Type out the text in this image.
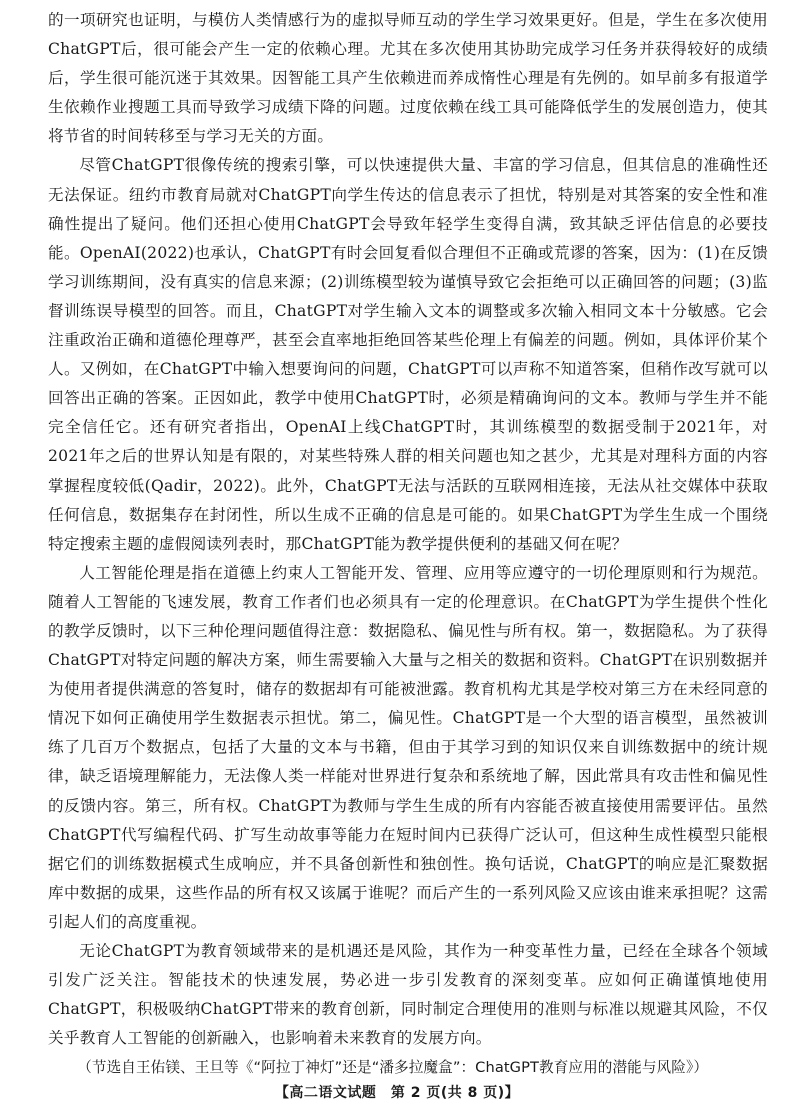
的一项研究也证明，与模仿人类情感行为的虚拟导师互动的学生学习效果更好。但是，学生在多次使用ChatGPT后，很可能会产生一定的依赖心理。尤其在多次使用其协助完成学习任务并获得较好的成绩后，学生很可能沉迷于其效果。因智能工具产生依赖进而养成惰性心理是有先例的。如早前多有报道学生依赖作业搜题工具而导致学习成绩下降的问题。过度依赖在线工具可能降低学生的发展创造力，使其将节省的时间转移至与学习无关的方面。

尽管ChatGPT很像传统的搜索引擎，可以快速提供大量、丰富的学习信息，但其信息的准确性还无法保证。纽约市教育局就对ChatGPT向学生传达的信息表示了担忧，特别是对其答案的安全性和准确性提出了疑问。他们还担心使用ChatGPT会导致年轻学生变得自满，致其缺乏评估信息的必要技能。OpenAI(2022)也承认，ChatGPT有时会回复看似合理但不正确或荒谬的答案，因为：(1)在反馈学习训练期间，没有真实的信息来源；(2)训练模型较为谨慎导致它会拒绝可以正确回答的问题；(3)监督训练误导模型的回答。而且，ChatGPT对学生输入文本的调整或多次输入相同文本十分敏感。它会注重政治正确和道德伦理尊严，甚至会直率地拒绝回答某些伦理上有偏差的问题。例如，具体评价某个人。又例如，在ChatGPT中输入想要询问的问题，ChatGPT可以声称不知道答案，但稍作改写就可以回答出正确的答案。正因如此，教学中使用ChatGPT时，必须是精确询问的文本。教师与学生并不能完全信任它。还有研究者指出，OpenAI上线ChatGPT时，其训练模型的数据受制于2021年，对2021年之后的世界认知是有限的，对某些特殊人群的相关问题也知之甚少，尤其是对理科方面的内容掌握程度较低(Qadir，2022)。此外，ChatGPT无法与活跃的互联网相连接，无法从社交媒体中获取任何信息，数据集存在封闭性，所以生成不正确的信息是可能的。如果ChatGPT为学生生成一个围绕特定搜索主题的虚假阅读列表时，那ChatGPT能为教学提供便利的基础又何在呢？

人工智能伦理是指在道德上约束人工智能开发、管理、应用等应遵守的一切伦理原则和行为规范。随着人工智能的飞速发展，教育工作者们也必须具有一定的伦理意识。在ChatGPT为学生提供个性化的教学反馈时，以下三种伦理问题值得注意：数据隐私、偏见性与所有权。第一，数据隐私。为了获得ChatGPT对特定问题的解决方案，师生需要输入大量与之相关的数据和资料。ChatGPT在识别数据并为使用者提供满意的答复时，储存的数据却有可能被泄露。教育机构尤其是学校对第三方在未经同意的情况下如何正确使用学生数据表示担忧。第二，偏见性。ChatGPT是一个大型的语言模型，虽然被训练了几百万个数据点，包括了大量的文本与书籍，但由于其学习到的知识仅来自训练数据中的统计规律，缺乏语境理解能力，无法像人类一样能对世界进行复杂和系统地了解，因此常具有攻击性和偏见性的反馈内容。第三，所有权。ChatGPT为教师与学生生成的所有内容能否被直接使用需要评估。虽然ChatGPT代写编程代码、扩写生动故事等能力在短时间内已获得广泛认可，但这种生成性模型只能根据它们的训练数据模式生成响应，并不具备创新性和独创性。换句话说，ChatGPT的响应是汇聚数据库中数据的成果，这些作品的所有权又该属于谁呢？而后产生的一系列风险又应该由谁来承担呢？这需引起人们的高度重视。

无论ChatGPT为教育领域带来的是机遇还是风险，其作为一种变革性力量，已经在全球各个领域引发广泛关注。智能技术的快速发展，势必进一步引发教育的深刻变革。应如何正确谨慎地使用ChatGPT，积极吸纳ChatGPT带来的教育创新，同时制定合理使用的准则与标准以规避其风险，不仅关乎教育人工智能的创新融入，也影响着未来教育的发展方向。

（节选自王佑镁、王旦等《“阿拉丁神灯”还是“潘多拉魔盒”：ChatGPT教育应用的潜能与风险》）

【高二语文试题　第 2 页(共 8 页)】
